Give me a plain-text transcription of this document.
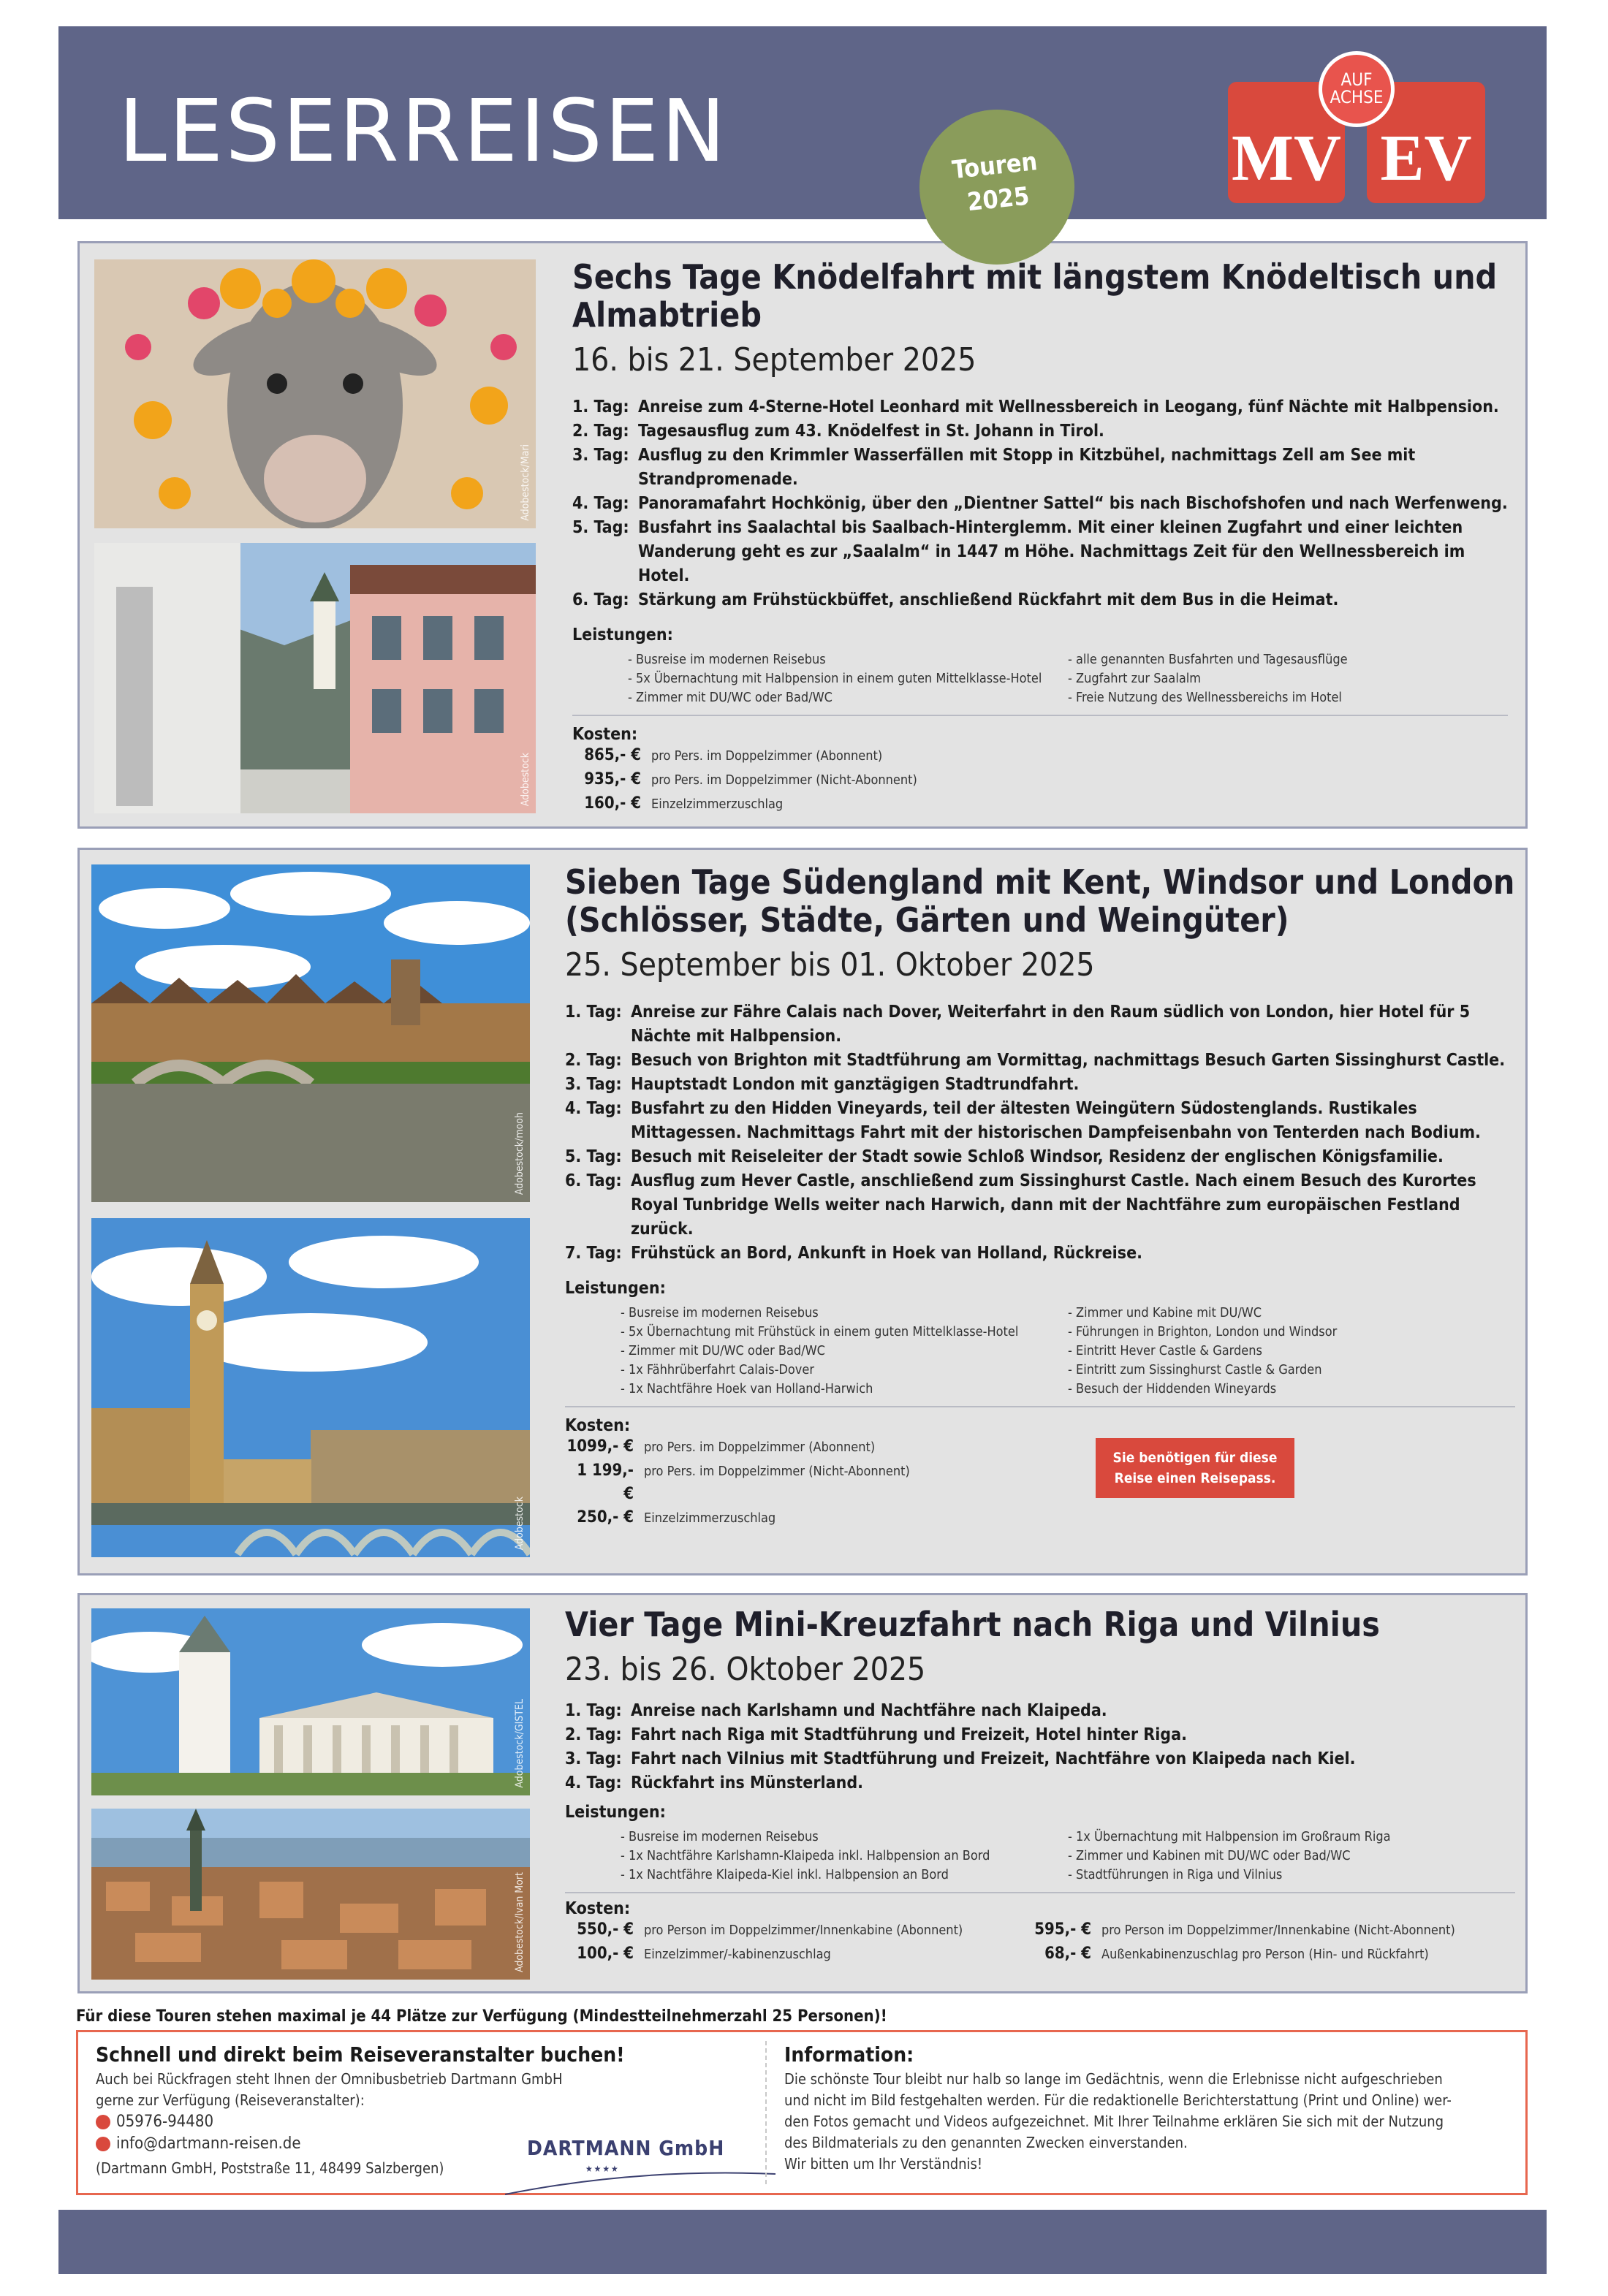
LESERREISEN	Touren
2025
MV EV
AUF
ACHSE
Adobestock/Mari
Adobestock
Sechs Tage Knödelfahrt mit längstem Knödeltisch und Almabtrieb
16. bis 21. September 2025
1. Tag: Anreise zum 4-Sterne-Hotel Leonhard mit Wellnessbereich in Leogang, fünf Nächte mit Halbpension.
2. Tag: Tagesausflug zum 43. Knödelfest in St. Johann in Tirol.
3. Tag: Ausflug zu den Krimmler Wasserfällen mit Stopp in Kitzbühel, nachmittags Zell am See mit Strandpromenade.
4. Tag: Panoramafahrt Hochkönig, über den „Dientner Sattel“ bis nach Bischofshofen und nach Werfenweng.
5. Tag: Busfahrt ins Saalachtal bis Saalbach-Hinterglemm. Mit einer kleinen Zugfahrt und einer leichten Wanderung geht es zur „Saalalm“ in 1447 m Höhe. Nachmittags Zeit für den Wellnessbereich im Hotel.
6. Tag: Stärkung am Frühstückbüffet, anschließend Rückfahrt mit dem Bus in die Heimat.
Leistungen:
- Busreise im modernen Reisebus
- 5x Übernachtung mit Halbpension in einem guten Mittelklasse-Hotel
- Zimmer mit DU/WC oder Bad/WC
- alle genannten Busfahrten und Tagesausflüge
- Zugfahrt zur Saalalm
- Freie Nutzung des Wellnessbereichs im Hotel
Kosten:
865,- € pro Pers. im Doppelzimmer (Abonnent)
935,- € pro Pers. im Doppelzimmer (Nicht-Abonnent)
160,- € Einzelzimmerzuschlag
Adobestock/mooh
Adobestock
Sieben Tage Südengland mit Kent, Windsor und London (Schlösser, Städte, Gärten und Weingüter)
25. September bis 01. Oktober 2025
1. Tag: Anreise zur Fähre Calais nach Dover, Weiterfahrt in den Raum südlich von London, hier Hotel für 5 Nächte mit Halbpension.
2. Tag: Besuch von Brighton mit Stadtführung am Vormittag, nachmittags Besuch Garten Sissinghurst Castle.
3. Tag: Hauptstadt London mit ganztägigen Stadtrundfahrt.
4. Tag: Busfahrt zu den Hidden Vineyards, teil der ältesten Weingütern Südostenglands. Rustikales Mittagessen. Nachmittags Fahrt mit der historischen Dampfeisenbahn von Tenterden nach Bodium.
5. Tag: Besuch mit Reiseleiter der Stadt sowie Schloß Windsor, Residenz der englischen Königsfamilie.
6. Tag: Ausflug zum Hever Castle, anschließend zum Sissinghurst Castle. Nach einem Besuch des Kurortes Royal Tunbridge Wells weiter nach Harwich, dann mit der Nachtfähre zum europäischen Festland zurück.
7. Tag: Frühstück an Bord, Ankunft in Hoek van Holland, Rückreise.
Leistungen:
- Busreise im modernen Reisebus
- 5x Übernachtung mit Frühstück in einem guten Mittelklasse-Hotel
- Zimmer mit DU/WC oder Bad/WC
- 1x Fähhrüberfahrt Calais-Dover
- 1x Nachtfähre Hoek van Holland-Harwich
- Zimmer und Kabine mit DU/WC
- Führungen in Brighton, London und Windsor
- Eintritt Hever Castle & Gardens
- Eintritt zum Sissinghurst Castle & Garden
- Besuch der Hiddenden Wineyards
Kosten:
1099,- € pro Pers. im Doppelzimmer (Abonnent)
1 199,- €
pro Pers. im Doppelzimmer (Nicht-Abonnent)
250,- € Einzelzimmerzuschlag
Sie benötigen für diese Reise einen Reisepass.
Adobestock/GISTEL
Adobestock/Ivan Mort
Vier Tage Mini-Kreuzfahrt nach Riga und Vilnius
23. bis 26. Oktober 2025
1. Tag: Anreise nach Karlshamn und Nachtfähre nach Klaipeda.
2. Tag: Fahrt nach Riga mit Stadtführung und Freizeit, Hotel hinter Riga.
3. Tag: Fahrt nach Vilnius mit Stadtführung und Freizeit, Nachtfähre von Klaipeda nach Kiel.
4. Tag: Rückfahrt ins Münsterland.
Leistungen:
- Busreise im modernen Reisebus
- 1x Nachtfähre Karlshamn-Klaipeda inkl. Halbpension an Bord
- 1x Nachtfähre Klaipeda-Kiel inkl. Halbpension an Bord
- 1x Übernachtung mit Halbpension im Großraum Riga
- Zimmer und Kabinen mit DU/WC oder Bad/WC
- Stadtführungen in Riga und Vilnius
Kosten:
550,- € pro Person im Doppelzimmer/Innenkabine (Abonnent)
100,- € Einzelzimmer/-kabinenzuschlag
595,- € pro Person im Doppelzimmer/Innenkabine (Nicht-Abonnent)
68,- € Außenkabinenzuschlag pro Person (Hin- und Rückfahrt)
Für diese Touren stehen maximal je 44 Plätze zur Verfügung (Mindestteilnehmerzahl 25 Personen)!
Schnell und direkt beim Reiseveranstalter buchen!
Auch bei Rückfragen steht Ihnen der Omnibusbetrieb Dartmann GmbH
gerne zur Verfügung (Reiseveranstalter):
05976-94480
info@dartmann-reisen.de
(Dartmann GmbH, Poststraße 11, 48499 Salzbergen)
DARTMANN GmbH
★★★★
Information:
Die schönste Tour bleibt nur halb so lange im Gedächtnis, wenn die Erlebnisse nicht aufgeschrieben
und nicht im Bild festgehalten werden. Für die redaktionelle Berichterstattung (Print und Online) wer-
den Fotos gemacht und Videos aufgezeichnet. Mit Ihrer Teilnahme erklären Sie sich mit der Nutzung
des Bildmaterials zu den genannten Zwecken einverstanden.
Wir bitten um Ihr Verständnis!
